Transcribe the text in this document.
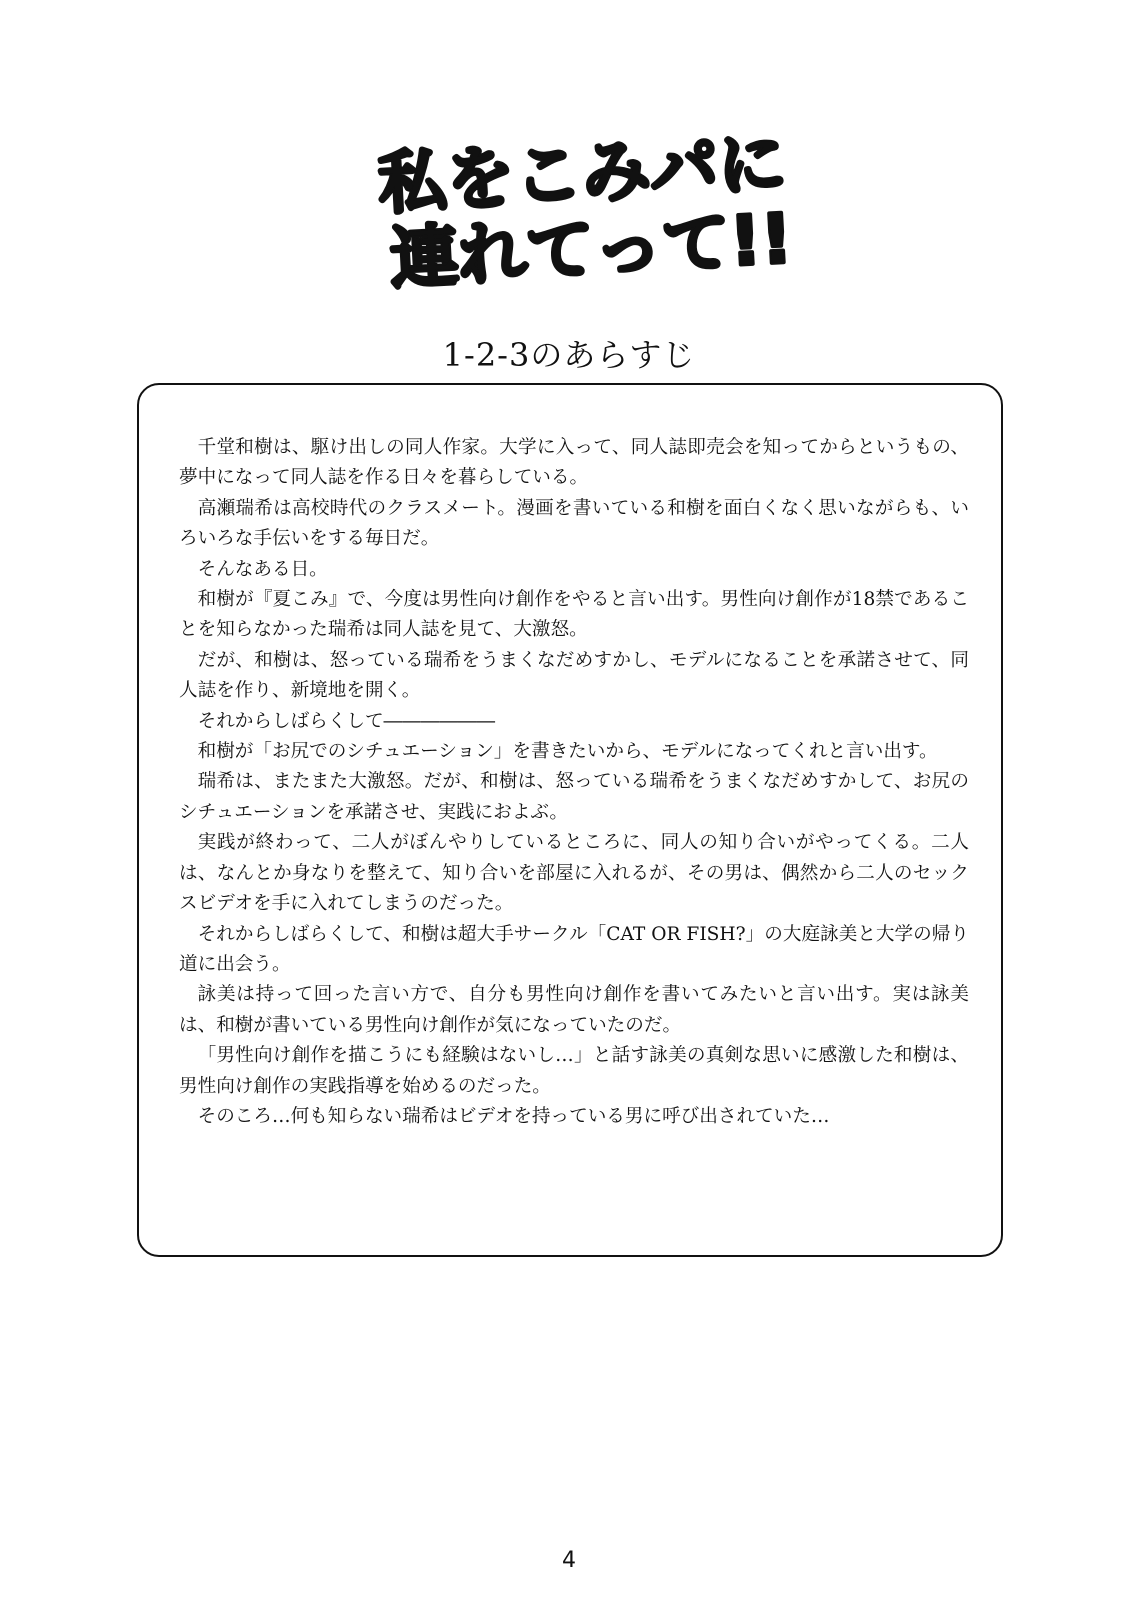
私をこみパに
連れてって!!
1-2-3のあらすじ

千堂和樹は、駆け出しの同人作家。大学に入って、同人誌即売会を知ってからというもの、夢中になって同人誌を作る日々を暮らしている。

高瀬瑞希は高校時代のクラスメート。漫画を書いている和樹を面白くなく思いながらも、いろいろな手伝いをする毎日だ。

そんなある日。

和樹が『夏こみ』で、今度は男性向け創作をやると言い出す。男性向け創作が18禁であることを知らなかった瑞希は同人誌を見て、大激怒。

だが、和樹は、怒っている瑞希をうまくなだめすかし、モデルになることを承諾させて、同人誌を作り、新境地を開く。

それからしばらくして――――――

和樹が「お尻でのシチュエーション」を書きたいから、モデルになってくれと言い出す。

瑞希は、またまた大激怒。だが、和樹は、怒っている瑞希をうまくなだめすかして、お尻のシチュエーションを承諾させ、実践におよぶ。

実践が終わって、二人がぼんやりしているところに、同人の知り合いがやってくる。二人は、なんとか身なりを整えて、知り合いを部屋に入れるが、その男は、偶然から二人のセックスビデオを手に入れてしまうのだった。

それからしばらくして、和樹は超大手サークル「CAT OR FISH?」の大庭詠美と大学の帰り道に出会う。

詠美は持って回った言い方で、自分も男性向け創作を書いてみたいと言い出す。実は詠美は、和樹が書いている男性向け創作が気になっていたのだ。

「男性向け創作を描こうにも経験はないし…」と話す詠美の真剣な思いに感激した和樹は、男性向け創作の実践指導を始めるのだった。

そのころ…何も知らない瑞希はビデオを持っている男に呼び出されていた…

4
